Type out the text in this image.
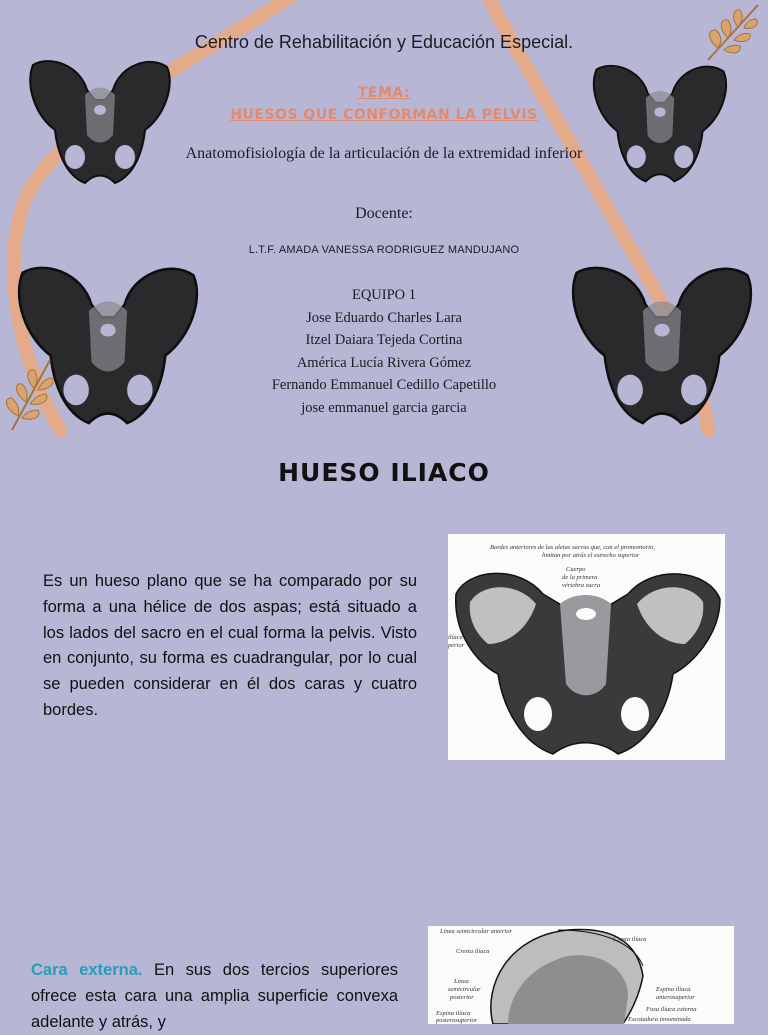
Centro de Rehabilitación y Educación Especial.
TEMA:
HUESOS QUE CONFORMAN LA PELVIS
Anatomofisiología de la articulación de la extremidad inferior
Docente:
L.T.F. AMADA VANESSA RODRIGUEZ MANDUJANO
EQUIPO 1
Jose Eduardo Charles Lara
Itzel Daiara Tejeda Cortina
América Lucía Rivera Gómez
Fernando Emmanuel Cedillo Capetillo
jose emmanuel garcia garcia
HUESO ILIACO

Es un hueso plano que se ha comparado por su forma a una hélice de dos aspas; está situado a los lados del sacro en el cual forma la pelvis. Visto en conjunto, su forma es cuadrangular, por lo cual se pueden considerar en él dos caras y cuatro bordes.

Bordes anteriores de las aletas sacras que, con el promontorio,
limitan por atrás el estrecho superior
Cuerpo
de la primera
vértebra sacra
ilíaca
perior
2
2

Cara externa. En sus dos tercios superiores ofrece esta cara una amplia superficie convexa adelante y atrás, y

Línea semicircular anterior
Cresta ilíaca
Cresta ilíaca
Línea
semicircular
posterior
Espina ilíaca
anterosuperior
Espina ilíaca
posterosuperior
Fosa ilíaca externa
Escotadura innominada
